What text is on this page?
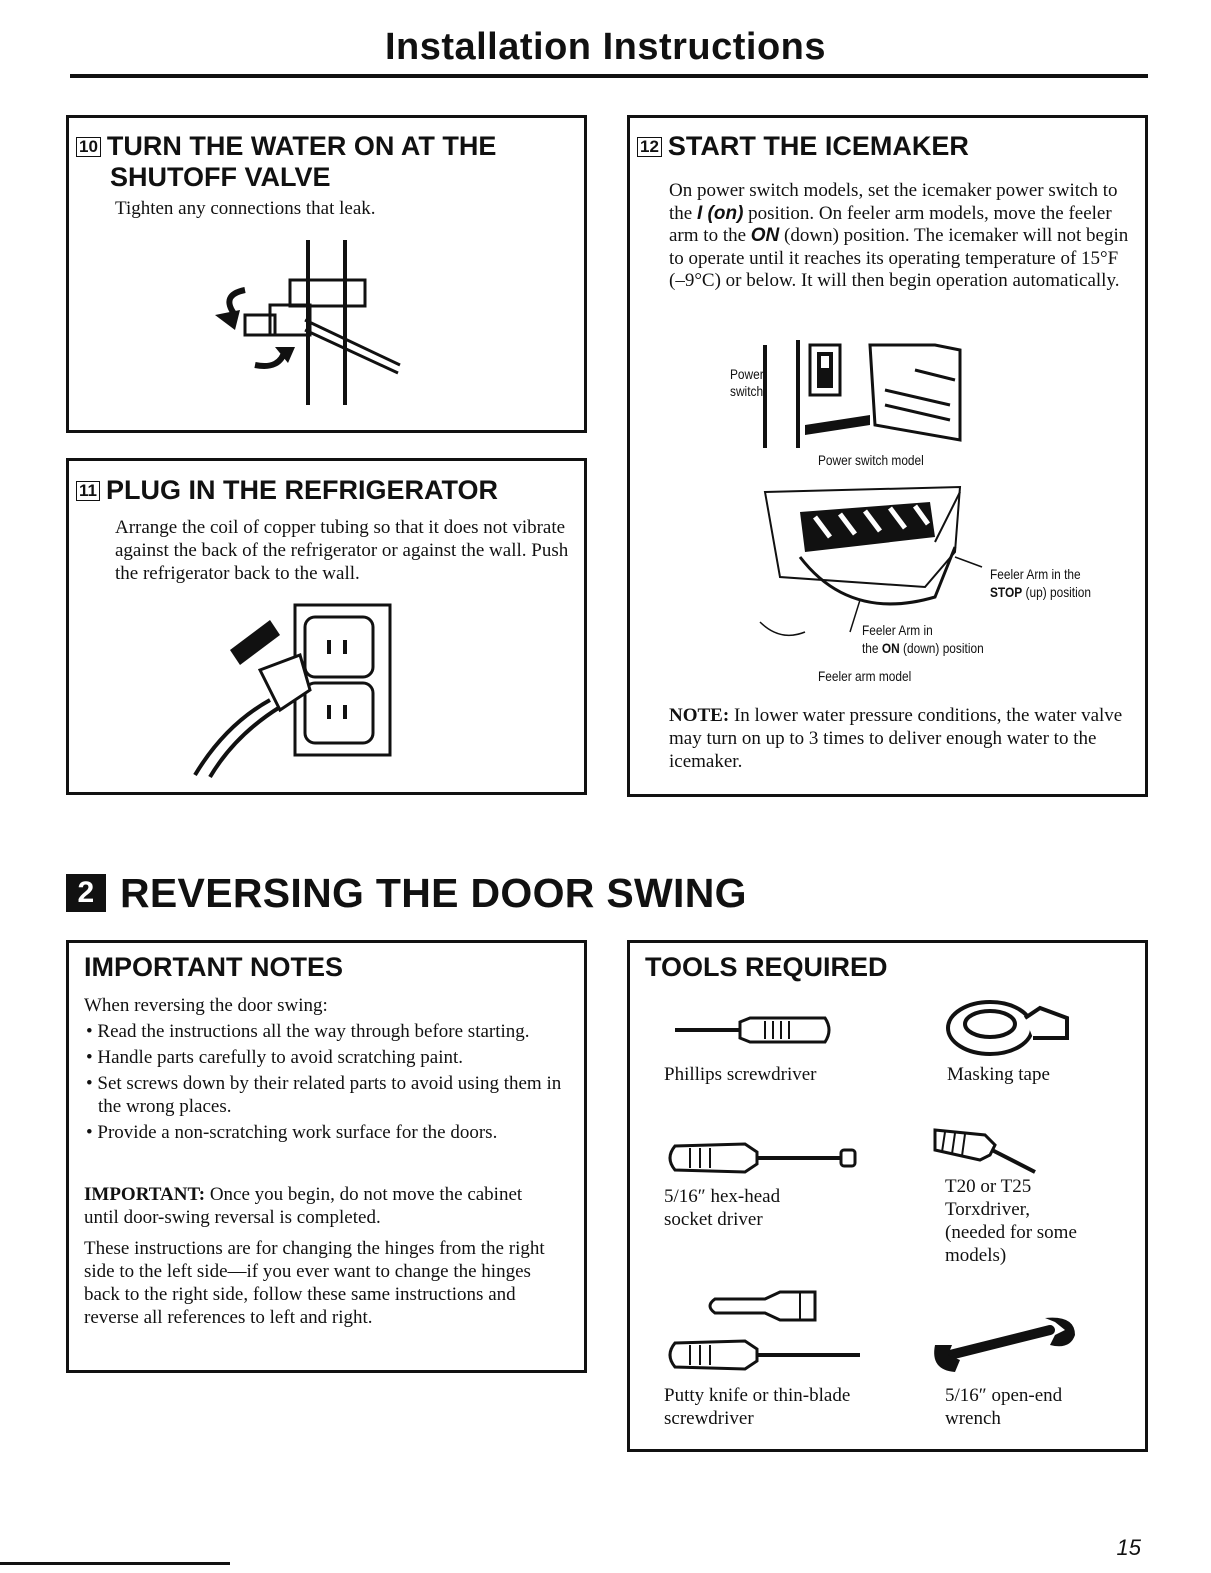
Installation Instructions
10 TURN THE WATER ON AT THE
SHUTOFF VALVE
Tighten any connections that leak.
11 PLUG IN THE REFRIGERATOR
Arrange the coil of copper tubing so that it does not vibrate against the back of the refrigerator or against the wall. Push the refrigerator back to the wall.
12 START THE ICEMAKER
On power switch models, set the icemaker power switch to the I (on) position. On feeler arm models, move the feeler arm to the ON (down) position. The icemaker will not begin to operate until it reaches its operating temperature of 15°F (–9°C) or below. It will then begin operation automatically.
Power
switch
Power switch model
Feeler Arm in the
STOP (up) position
Feeler Arm in
the ON (down) position
Feeler arm model
NOTE: In lower water pressure conditions, the water valve may turn on up to 3 times to deliver enough water to the icemaker.
2 REVERSING THE DOOR SWING
IMPORTANT NOTES
When reversing the door swing:
• Read the instructions all the way through before starting.
• Handle parts carefully to avoid scratching paint.
• Set screws down by their related parts to avoid using them in the wrong places.
• Provide a non-scratching work surface for the doors.
IMPORTANT: Once you begin, do not move the cabinet until door-swing reversal is completed.
These instructions are for changing the hinges from the right side to the left side—if you ever want to change the hinges back to the right side, follow these same instructions and reverse all references to left and right.
TOOLS REQUIRED
Phillips screwdriver	Masking tape
5/16″ hex-head socket driver
T20 or T25 Torxdriver, (needed for some models)
Putty knife or thin-blade screwdriver
5/16″ open-end wrench
15
